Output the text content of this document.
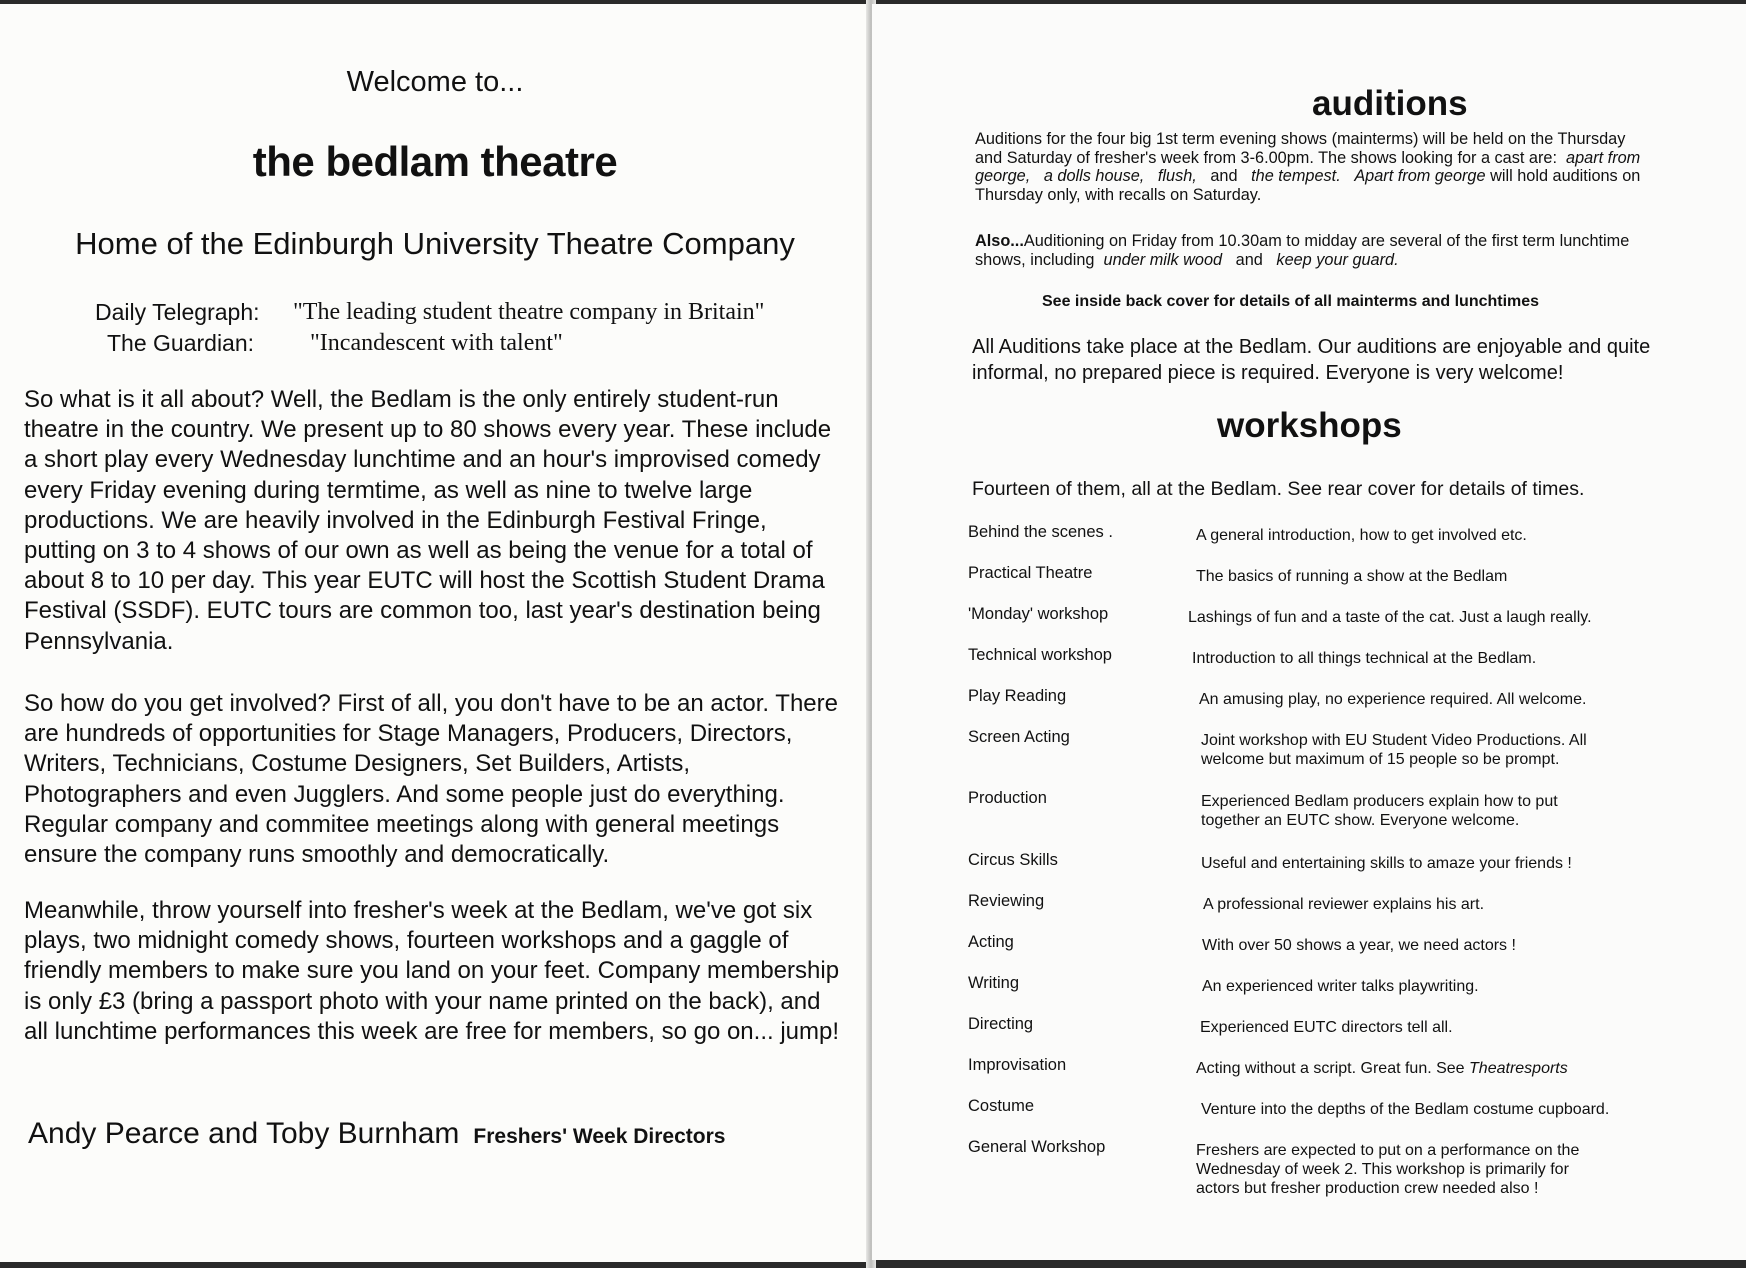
Welcome to...
the bedlam theatre
Home of the Edinburgh University Theatre Company
Daily Telegraph:	"The leading student theatre company in Britain"
The Guardian:	"Incandescent with talent"
So what is it all about? Well, the Bedlam is the only entirely student-run theatre in the country. We present up to 80 shows every year. These include a short play every Wednesday lunchtime and an hour's improvised comedy every Friday evening during termtime, as well as nine to twelve large productions. We are heavily involved in the Edinburgh Festival Fringe, putting on 3 to 4 shows of our own as well as being the venue for a total of about 8 to 10 per day. This year EUTC will host the Scottish Student Drama Festival (SSDF). EUTC tours are common too, last year's destination being Pennsylvania.
So how do you get involved? First of all, you don't have to be an actor. There are hundreds of opportunities for Stage Managers, Producers, Directors, Writers, Technicians, Costume Designers, Set Builders, Artists, Photographers and even Jugglers. And some people just do everything. Regular company and commitee meetings along with general meetings ensure the company runs smoothly and democratically.
Meanwhile, throw yourself into fresher's week at the Bedlam, we've got six plays, two midnight comedy shows, fourteen workshops and a gaggle of friendly members to make sure you land on your feet. Company membership is only £3 (bring a passport photo with your name printed on the back), and all lunchtime performances this week are free for members, so go on... jump!
Andy Pearce and Toby Burnham Freshers' Week Directors
auditions
Auditions for the four big 1st term evening shows (mainterms) will be held on the Thursday and Saturday of fresher's week from 3-6.00pm. The shows looking for a cast are: apart from george, a dolls house, flush, and the tempest. Apart from george will hold auditions on Thursday only, with recalls on Saturday.
Also...Auditioning on Friday from 10.30am to midday are several of the first term lunchtime shows, including under milk wood and keep your guard.
See inside back cover for details of all mainterms and lunchtimes
All Auditions take place at the Bedlam. Our auditions are enjoyable and quite informal, no prepared piece is required. Everyone is very welcome!
workshops
Fourteen of them, all at the Bedlam. See rear cover for details of times.
Behind the scenes .	A general introduction, how to get involved etc.
Practical Theatre	The basics of running a show at the Bedlam
'Monday' workshop	Lashings of fun and a taste of the cat. Just a laugh really.
Technical workshop	Introduction to all things technical at the Bedlam.
Play Reading	An amusing play, no experience required. All welcome.
Screen Acting	Joint workshop with EU Student Video Productions. All welcome but maximum of 15 people so be prompt.
Production	Experienced Bedlam producers explain how to put together an EUTC show. Everyone welcome.
Circus Skills	Useful and entertaining skills to amaze your friends !
Reviewing	A professional reviewer explains his art.
Acting	With over 50 shows a year, we need actors !
Writing	An experienced writer talks playwriting.
Directing	Experienced EUTC directors tell all.
Improvisation	Acting without a script. Great fun. See Theatresports
Costume	Venture into the depths of the Bedlam costume cupboard.
General Workshop	Freshers are expected to put on a performance on the Wednesday of week 2. This workshop is primarily for actors but fresher production crew needed also !
